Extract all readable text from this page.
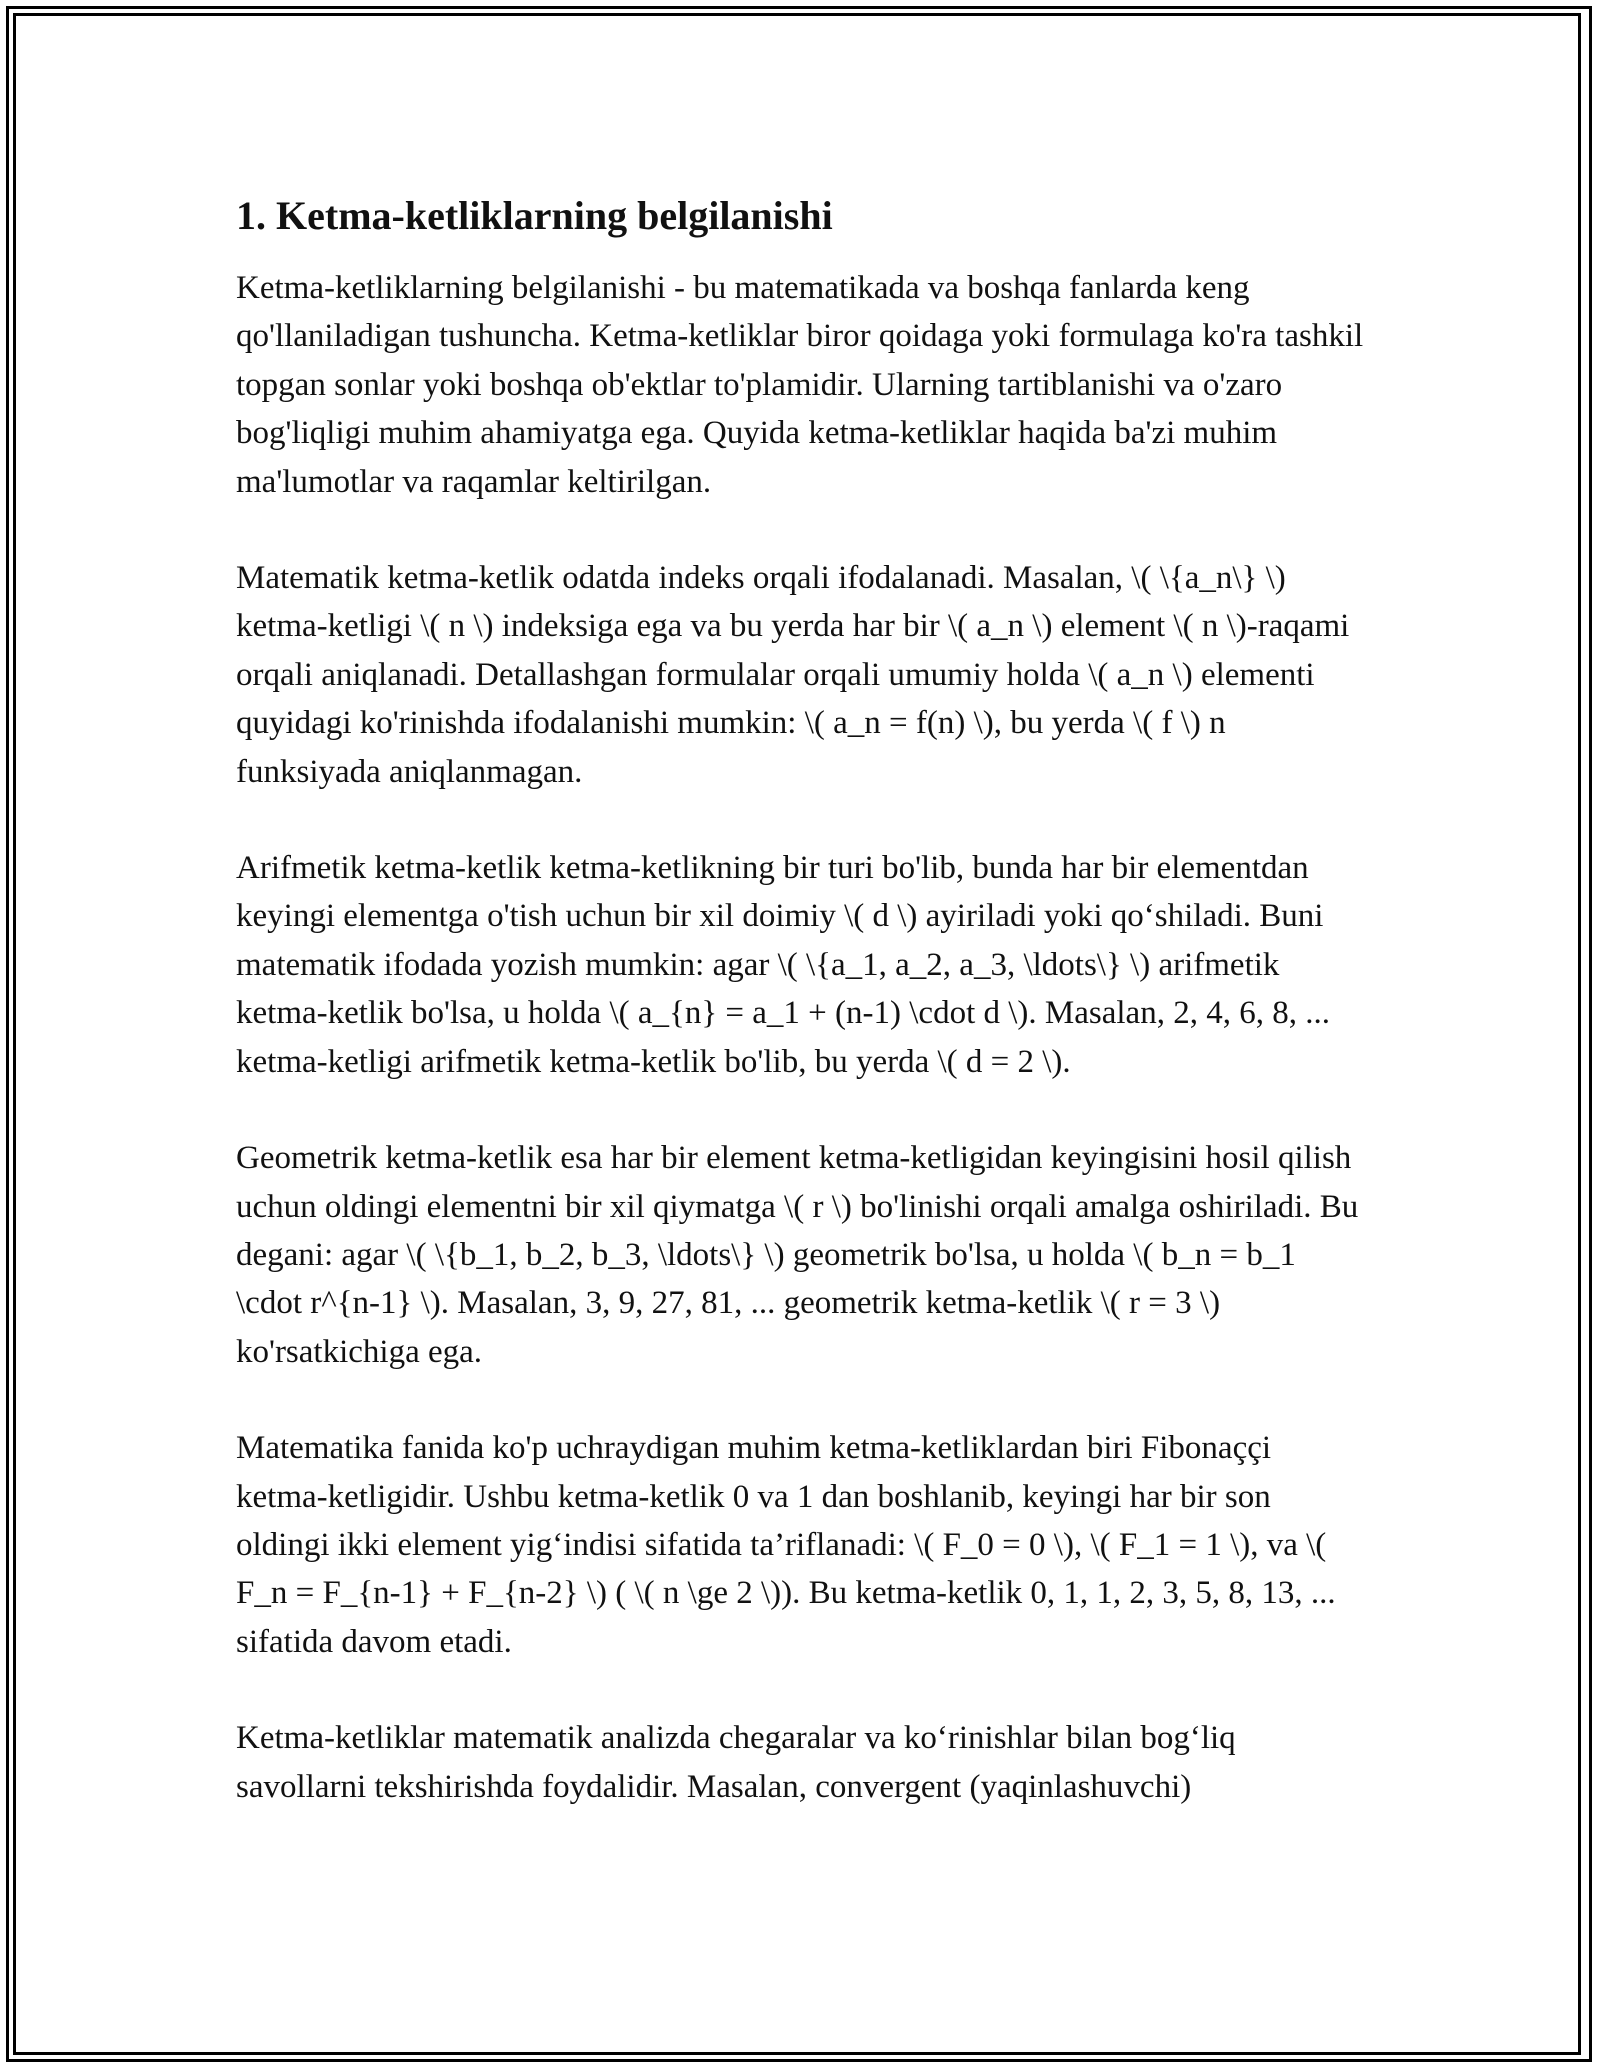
1. Ketma-ketliklarning belgilanishi

Ketma-ketliklarning belgilanishi - bu matematikada va boshqa fanlarda keng qo'llaniladigan tushuncha. Ketma-ketliklar biror qoidaga yoki formulaga ko'ra tashkil topgan sonlar yoki boshqa ob'ektlar to'plamidir. Ularning tartiblanishi va o'zaro bog'liqligi muhim ahamiyatga ega. Quyida ketma-ketliklar haqida ba'zi muhim ma'lumotlar va raqamlar keltirilgan.

Matematik ketma-ketlik odatda indeks orqali ifodalanadi. Masalan, \( \{a_n\} \) ketma-ketligi \( n \) indeksiga ega va bu yerda har bir \( a_n \) element \( n \)-raqami orqali aniqlanadi. Detallashgan formulalar orqali umumiy holda \( a_n \) elementi quyidagi ko'rinishda ifodalanishi mumkin: \( a_n = f(n) \), bu yerda \( f \) n funksiyada aniqlanmagan.

Arifmetik ketma-ketlik ketma-ketlikning bir turi bo'lib, bunda har bir elementdan keyingi elementga o'tish uchun bir xil doimiy \( d \) ayiriladi yoki qo‘shiladi. Buni matematik ifodada yozish mumkin: agar \( \{a_1, a_2, a_3, \ldots\} \) arifmetik ketma-ketlik bo'lsa, u holda \( a_{n} = a_1 + (n-1) \cdot d \). Masalan, 2, 4, 6, 8, ... ketma-ketligi arifmetik ketma-ketlik bo'lib, bu yerda \( d = 2 \).

Geometrik ketma-ketlik esa har bir element ketma-ketligidan keyingisini hosil qilish uchun oldingi elementni bir xil qiymatga \( r \) bo'linishi orqali amalga oshiriladi. Bu degani: agar \( \{b_1, b_2, b_3, \ldots\} \) geometrik bo'lsa, u holda \( b_n = b_1 \cdot r^{n-1} \). Masalan, 3, 9, 27, 81, ... geometrik ketma-ketlik \( r = 3 \) ko'rsatkichiga ega.

Matematika fanida ko'p uchraydigan muhim ketma-ketliklardan biri Fibonaççi ketma-ketligidir. Ushbu ketma-ketlik 0 va 1 dan boshlanib, keyingi har bir son oldingi ikki element yig‘indisi sifatida ta’riflanadi: \( F_0 = 0 \), \( F_1 = 1 \), va \( F_n = F_{n-1} + F_{n-2} \) ( \( n \ge 2 \)). Bu ketma-ketlik 0, 1, 1, 2, 3, 5, 8, 13, ... sifatida davom etadi.

Ketma-ketliklar matematik analizda chegaralar va ko‘rinishlar bilan bog‘liq savollarni tekshirishda foydalidir. Masalan, convergent (yaqinlashuvchi)
